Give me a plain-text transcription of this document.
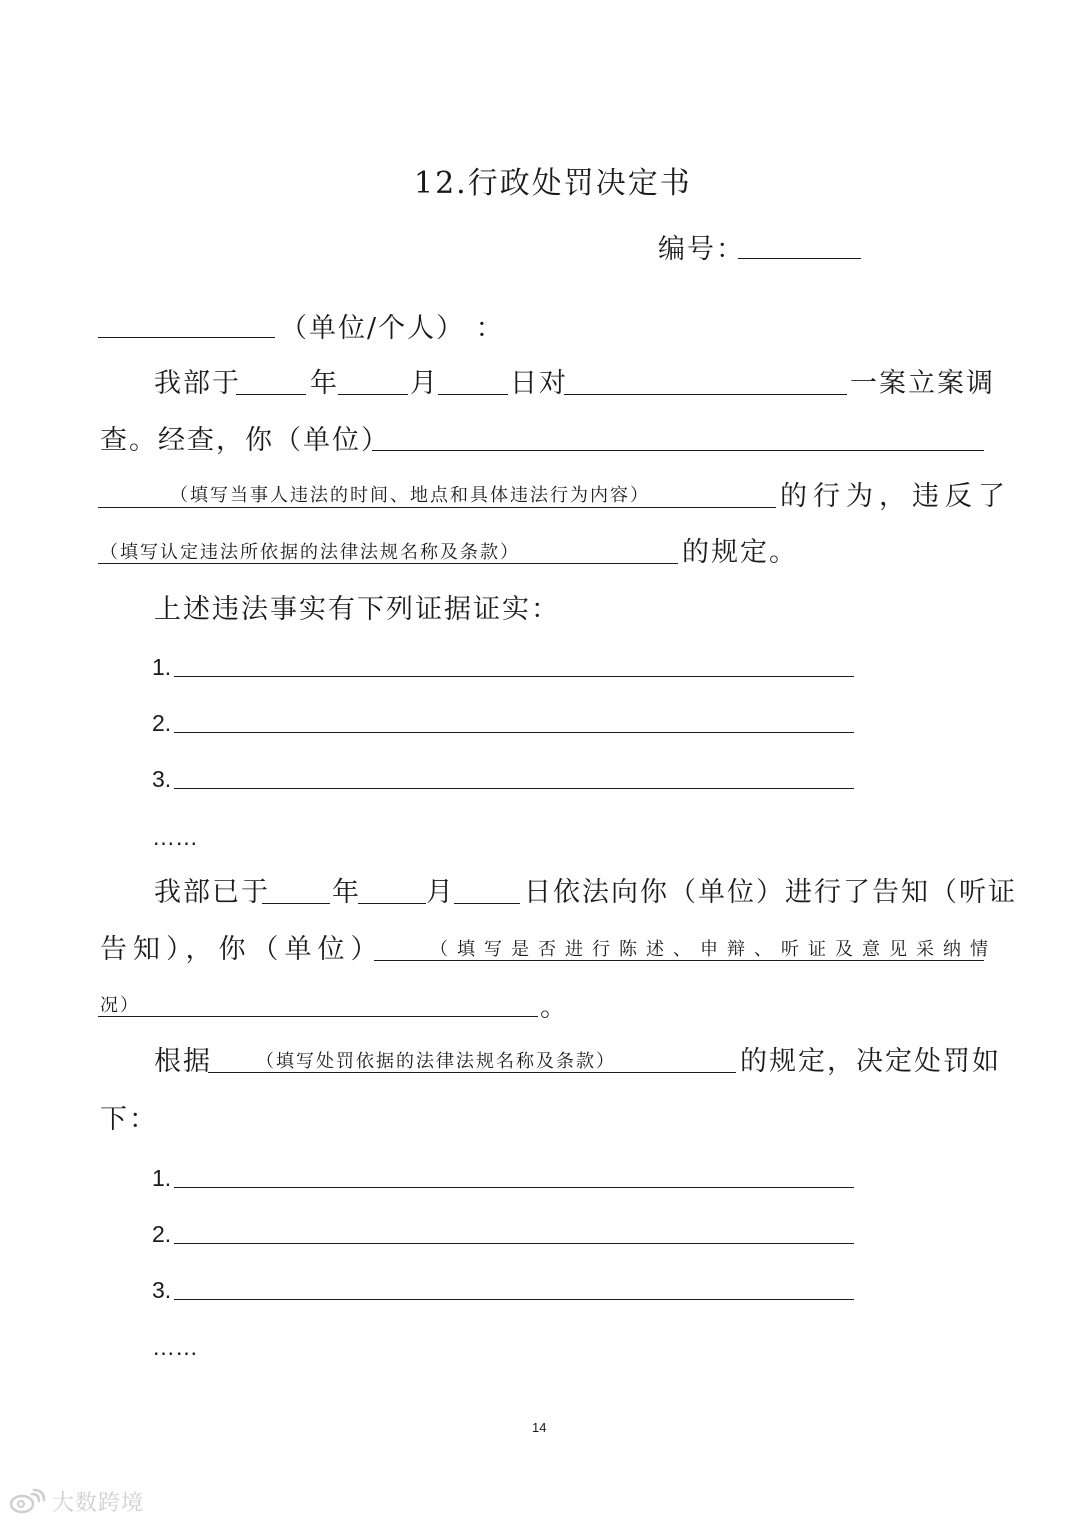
12.行政处罚决定书
编号：
（单位/个人） ：
我部于	年	月	日对	一案立案调
查。经查，你（单位）
（填写当事人违法的时间、地点和具体违法行为内容）	的行为，违反了
（填写认定违法所依据的法律法规名称及条款）	的规定。
上述违法事实有下列证据证实：
1.
2.
3.
……
我部已于 年 月	日依法向你（单位）进行了告知（听证
告知），你（单位）	（填写是否进行陈述、申辩、听证及意见采纳情
况）	。
根据 （填写处罚依据的法律法规名称及条款）	的规定，决定处罚如
下：
1.
2.
3.
……
14
大数跨境
